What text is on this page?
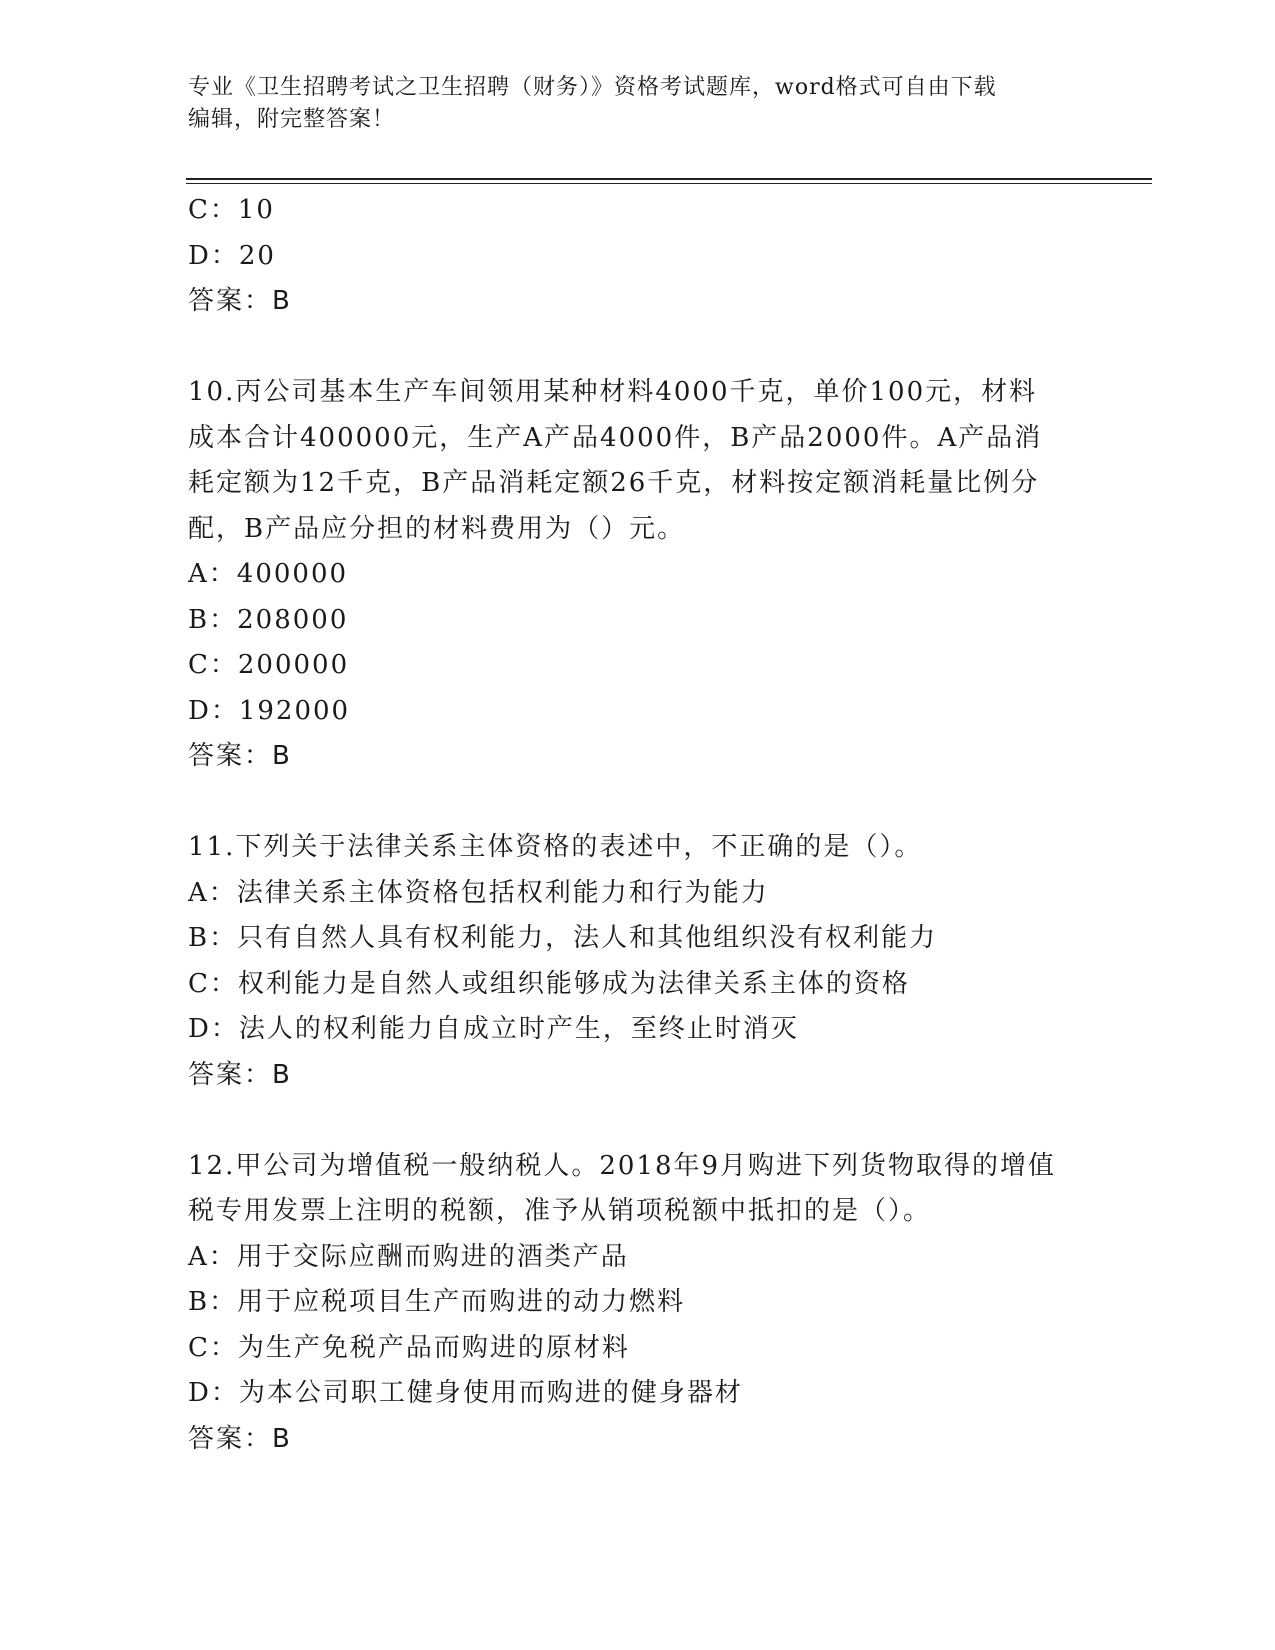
专业《卫生招聘考试之卫生招聘（财务）》资格考试题库，word格式可自由下载
编辑，附完整答案！
C：10
D：20
答案：B
10.丙公司基本生产车间领用某种材料4000千克，单价100元，材料
成本合计400000元，生产A产品4000件，B产品2000件。A产品消
耗定额为12千克，B产品消耗定额26千克，材料按定额消耗量比例分
配，B产品应分担的材料费用为（）元。
A：400000
B：208000
C：200000
D：192000
答案：B
11.下列关于法律关系主体资格的表述中，不正确的是（）。
A：法律关系主体资格包括权利能力和行为能力
B：只有自然人具有权利能力，法人和其他组织没有权利能力
C：权利能力是自然人或组织能够成为法律关系主体的资格
D：法人的权利能力自成立时产生，至终止时消灭
答案：B
12.甲公司为增值税一般纳税人。2018年9月购进下列货物取得的增值
税专用发票上注明的税额，准予从销项税额中抵扣的是（）。
A：用于交际应酬而购进的酒类产品
B：用于应税项目生产而购进的动力燃料
C：为生产免税产品而购进的原材料
D：为本公司职工健身使用而购进的健身器材
答案：B
